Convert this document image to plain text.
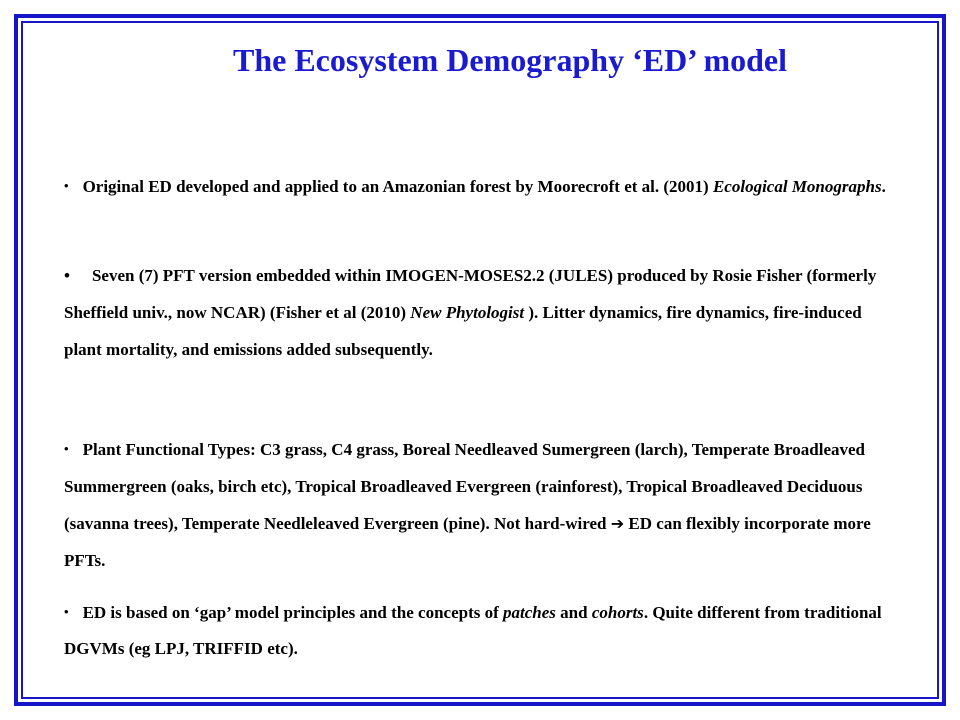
The Ecosystem Demography ‘ED’ model
• Original ED developed and applied to an Amazonian forest by Moorecroft et al. (2001) Ecological Monographs.
• Seven (7) PFT version embedded within IMOGEN-MOSES2.2 (JULES) produced by Rosie Fisher (formerly Sheffield univ., now NCAR) (Fisher et al (2010) New Phytologist ). Litter dynamics, fire dynamics, fire-induced plant mortality, and emissions added subsequently.
• Plant Functional Types: C3 grass, C4 grass, Boreal Needleaved Sumergreen (larch), Temperate Broadleaved Summergreen (oaks, birch etc), Tropical Broadleaved Evergreen (rainforest), Tropical Broadleaved Deciduous (savanna trees), Temperate Needleleaved Evergreen (pine). Not hard-wired ➔ ED can flexibly incorporate more PFTs.
• ED is based on ‘gap’ model principles and the concepts of patches and cohorts. Quite different from traditional DGVMs (eg LPJ, TRIFFID etc).
